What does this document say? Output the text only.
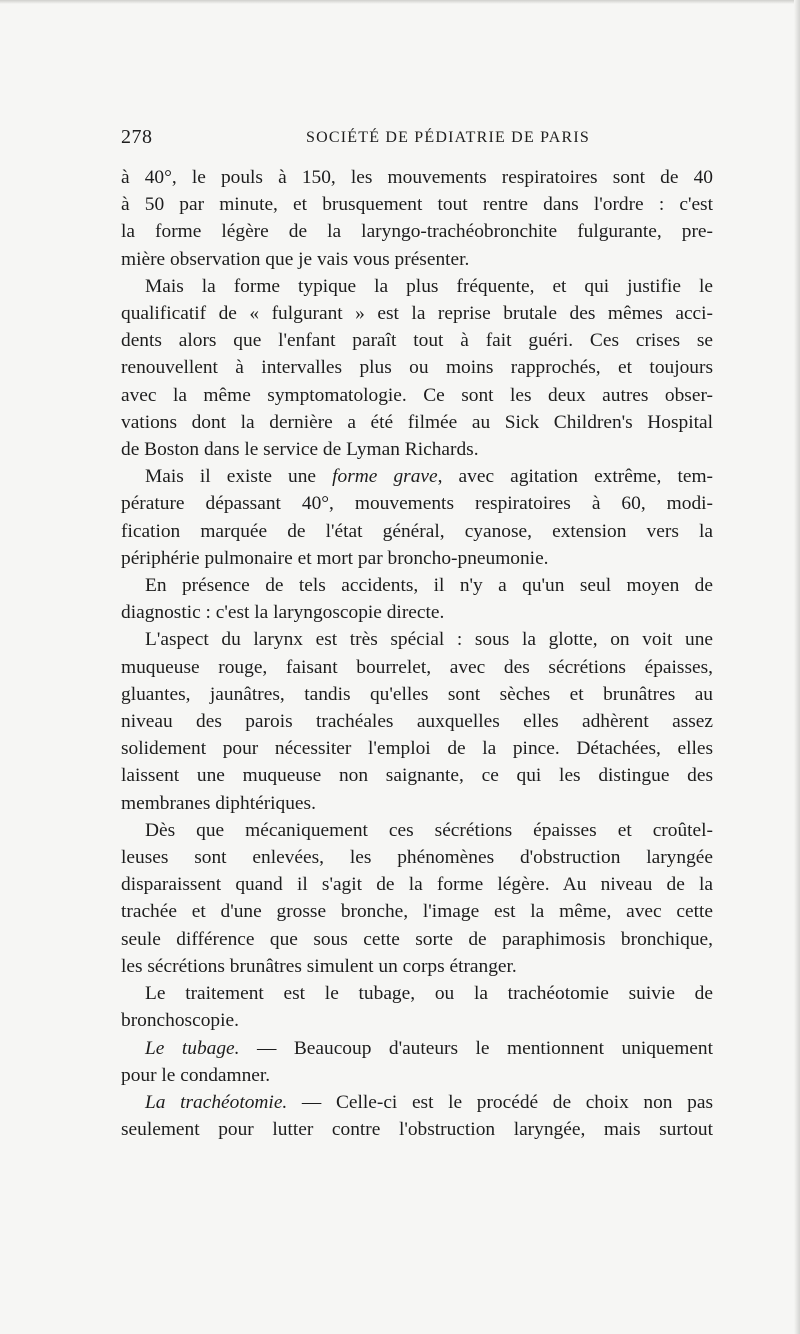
278	SOCIÉTÉ DE PÉDIATRIE DE PARIS
à 40°, le pouls à 150, les mouvements respiratoires sont de 40
à 50 par minute, et brusquement tout rentre dans l'ordre : c'est
la forme légère de la laryngo-trachéobronchite fulgurante, pre-
mière observation que je vais vous présenter.
Mais la forme typique la plus fréquente, et qui justifie le
qualificatif de « fulgurant » est la reprise brutale des mêmes acci-
dents alors que l'enfant paraît tout à fait guéri. Ces crises se
renouvellent à intervalles plus ou moins rapprochés, et toujours
avec la même symptomatologie. Ce sont les deux autres obser-
vations dont la dernière a été filmée au Sick Children's Hospital
de Boston dans le service de Lyman Richards.
Mais il existe une forme grave, avec agitation extrême, tem-
pérature dépassant 40°, mouvements respiratoires à 60, modi-
fication marquée de l'état général, cyanose, extension vers la
périphérie pulmonaire et mort par broncho-pneumonie.
En présence de tels accidents, il n'y a qu'un seul moyen de
diagnostic : c'est la laryngoscopie directe.
L'aspect du larynx est très spécial : sous la glotte, on voit une
muqueuse rouge, faisant bourrelet, avec des sécrétions épaisses,
gluantes, jaunâtres, tandis qu'elles sont sèches et brunâtres au
niveau des parois trachéales auxquelles elles adhèrent assez
solidement pour nécessiter l'emploi de la pince. Détachées, elles
laissent une muqueuse non saignante, ce qui les distingue des
membranes diphtériques.
Dès que mécaniquement ces sécrétions épaisses et croûtel-
leuses sont enlevées, les phénomènes d'obstruction laryngée
disparaissent quand il s'agit de la forme légère. Au niveau de la
trachée et d'une grosse bronche, l'image est la même, avec cette
seule différence que sous cette sorte de paraphimosis bronchique,
les sécrétions brunâtres simulent un corps étranger.
Le traitement est le tubage, ou la trachéotomie suivie de
bronchoscopie.
Le tubage. — Beaucoup d'auteurs le mentionnent uniquement
pour le condamner.
La trachéotomie. — Celle-ci est le procédé de choix non pas
seulement pour lutter contre l'obstruction laryngée, mais surtout
